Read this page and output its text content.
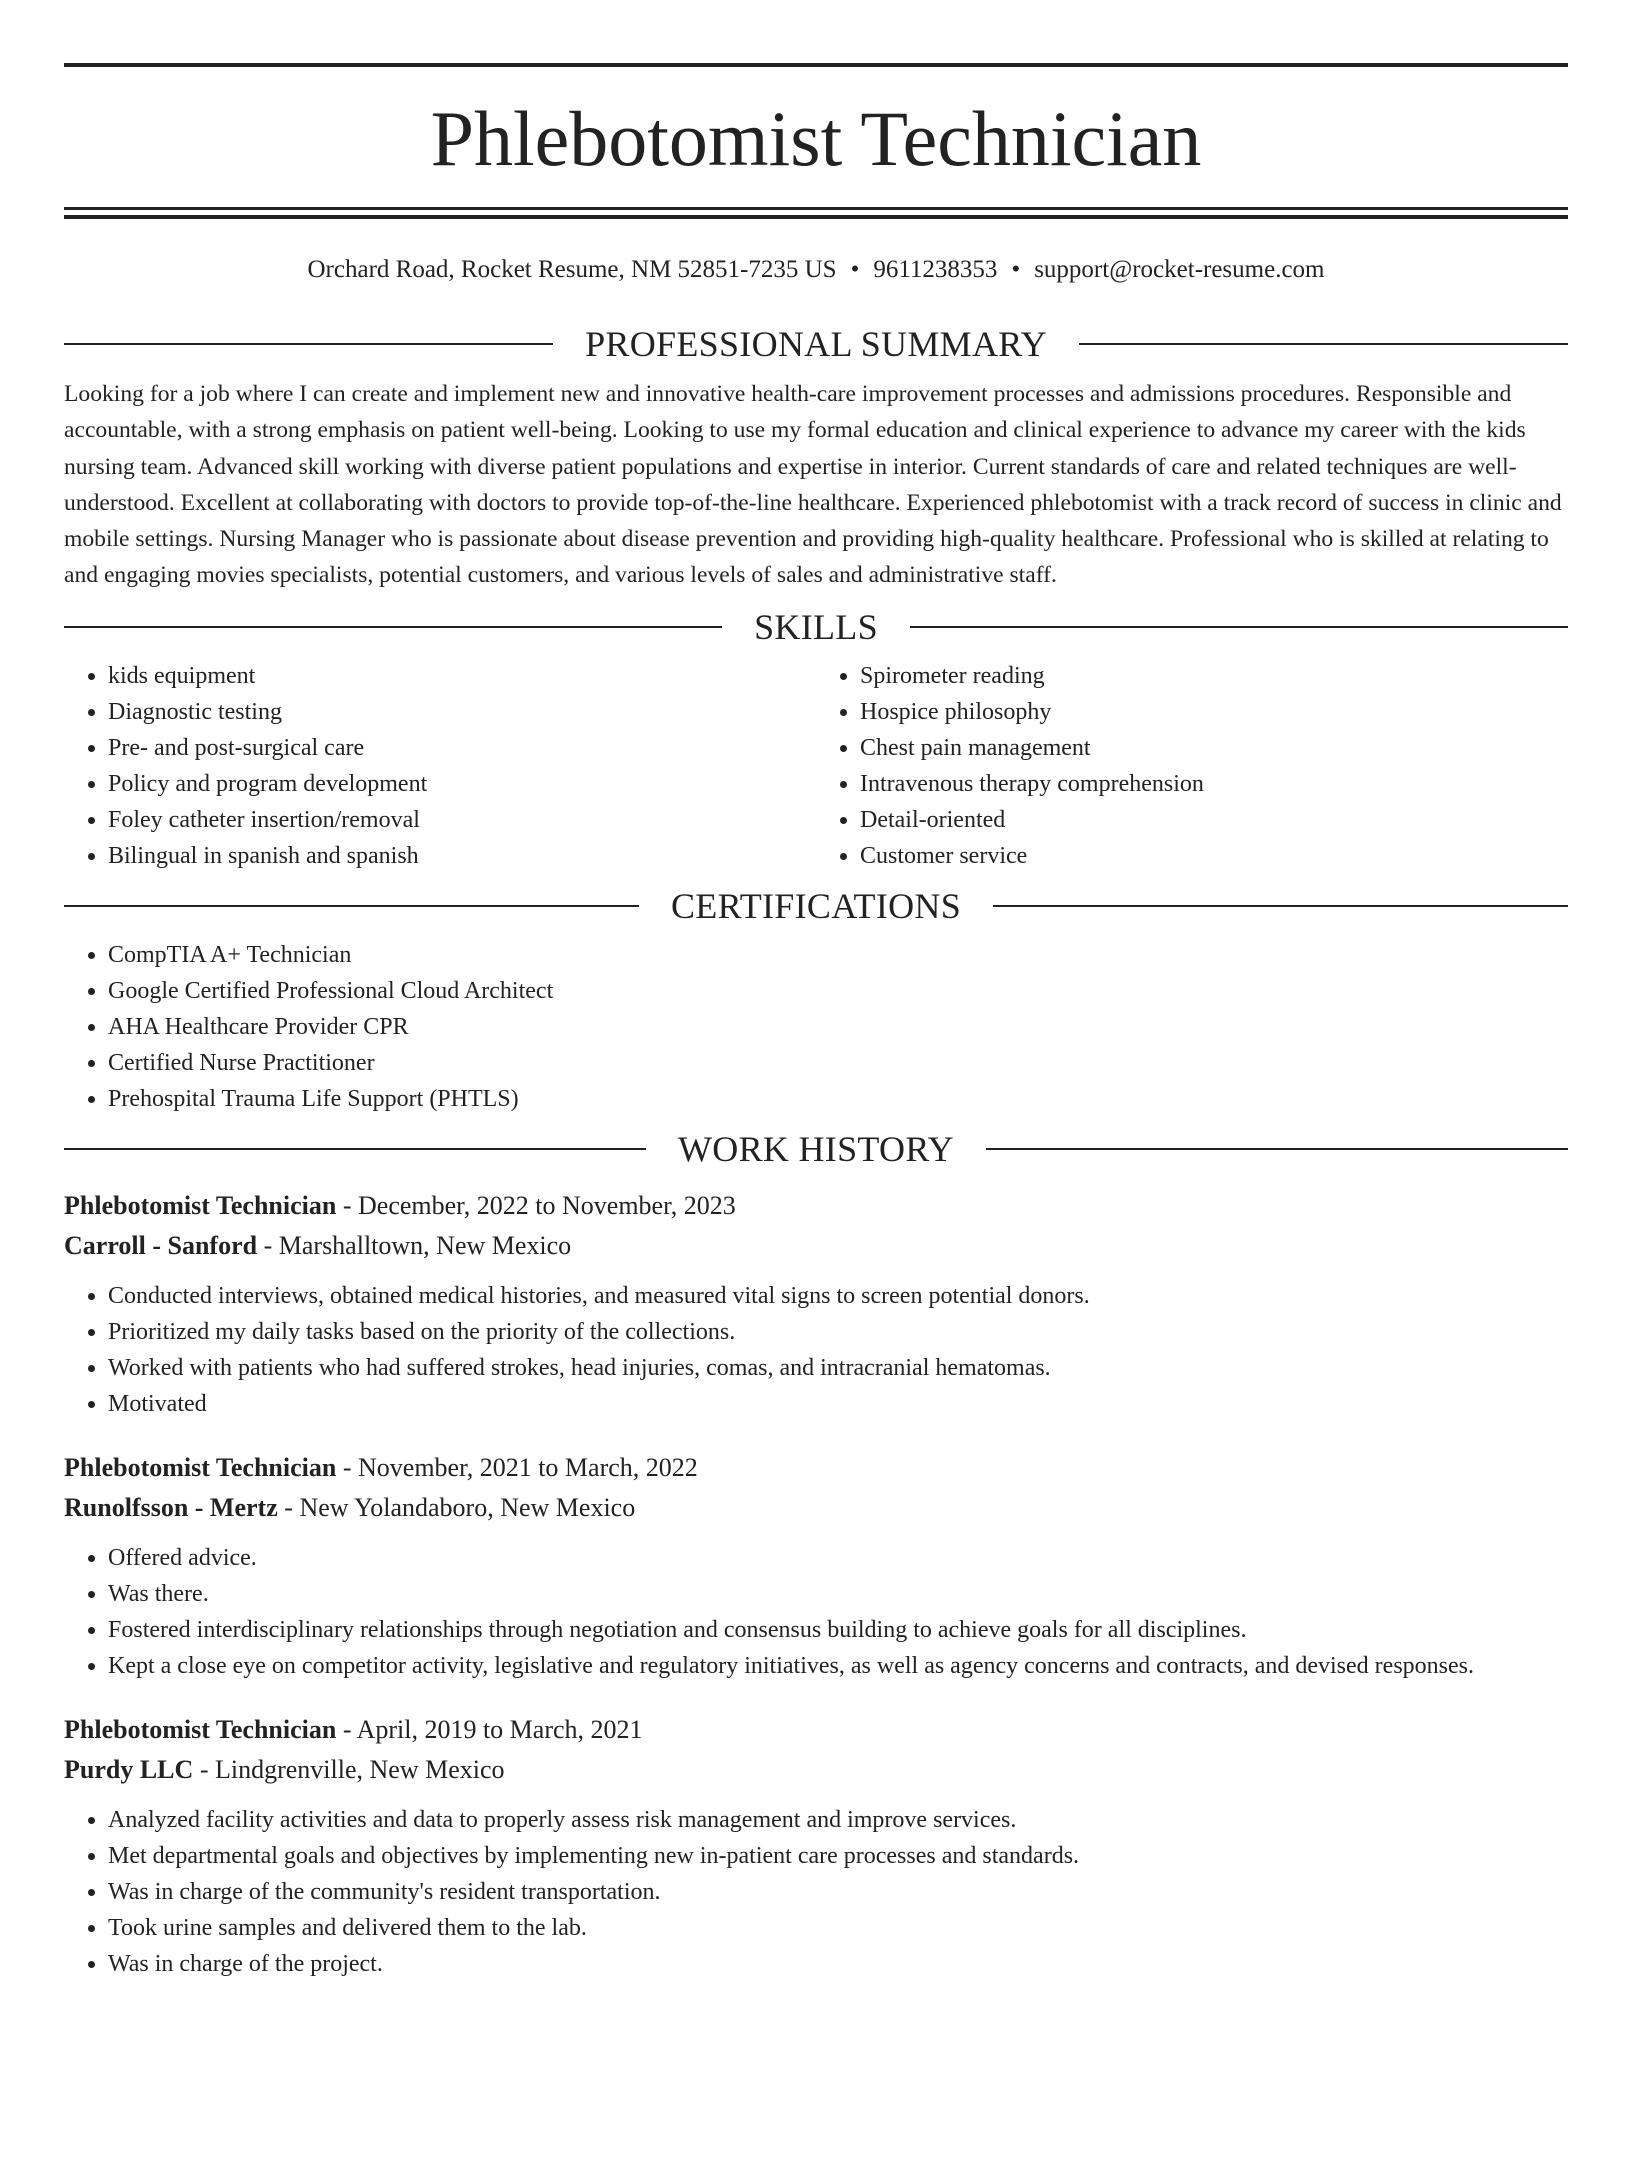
Phlebotomist Technician
Orchard Road, Rocket Resume, NM 52851-7235 US • 9611238353 • support@rocket-resume.com
PROFESSIONAL SUMMARY

Looking for a job where I can create and implement new and innovative health-care improvement processes and admissions procedures. Responsible and accountable, with a strong emphasis on patient well-being. Looking to use my formal education and clinical experience to advance my career with the kids nursing team. Advanced skill working with diverse patient populations and expertise in interior. Current standards of care and related techniques are well-understood. Excellent at collaborating with doctors to provide top-of-the-line healthcare. Experienced phlebotomist with a track record of success in clinic and mobile settings. Nursing Manager who is passionate about disease prevention and providing high-quality healthcare. Professional who is skilled at relating to and engaging movies specialists, potential customers, and various levels of sales and administrative staff.

SKILLS
• kids equipment
• Diagnostic testing
• Pre- and post-surgical care
• Policy and program development
• Foley catheter insertion/removal
• Bilingual in spanish and spanish
• Spirometer reading
• Hospice philosophy
• Chest pain management
• Intravenous therapy comprehension
• Detail-oriented
• Customer service
CERTIFICATIONS
• CompTIA A+ Technician
• Google Certified Professional Cloud Architect
• AHA Healthcare Provider CPR
• Certified Nurse Practitioner
• Prehospital Trauma Life Support (PHTLS)
WORK HISTORY
Phlebotomist Technician - December, 2022 to November, 2023
Carroll - Sanford - Marshalltown, New Mexico
• Conducted interviews, obtained medical histories, and measured vital signs to screen potential donors.
• Prioritized my daily tasks based on the priority of the collections.
• Worked with patients who had suffered strokes, head injuries, comas, and intracranial hematomas.
• Motivated
Phlebotomist Technician - November, 2021 to March, 2022
Runolfsson - Mertz - New Yolandaboro, New Mexico
• Offered advice.
• Was there.
• Fostered interdisciplinary relationships through negotiation and consensus building to achieve goals for all disciplines.
• Kept a close eye on competitor activity, legislative and regulatory initiatives, as well as agency concerns and contracts, and devised responses.
Phlebotomist Technician - April, 2019 to March, 2021
Purdy LLC - Lindgrenville, New Mexico
• Analyzed facility activities and data to properly assess risk management and improve services.
• Met departmental goals and objectives by implementing new in-patient care processes and standards.
• Was in charge of the community's resident transportation.
• Took urine samples and delivered them to the lab.
• Was in charge of the project.
